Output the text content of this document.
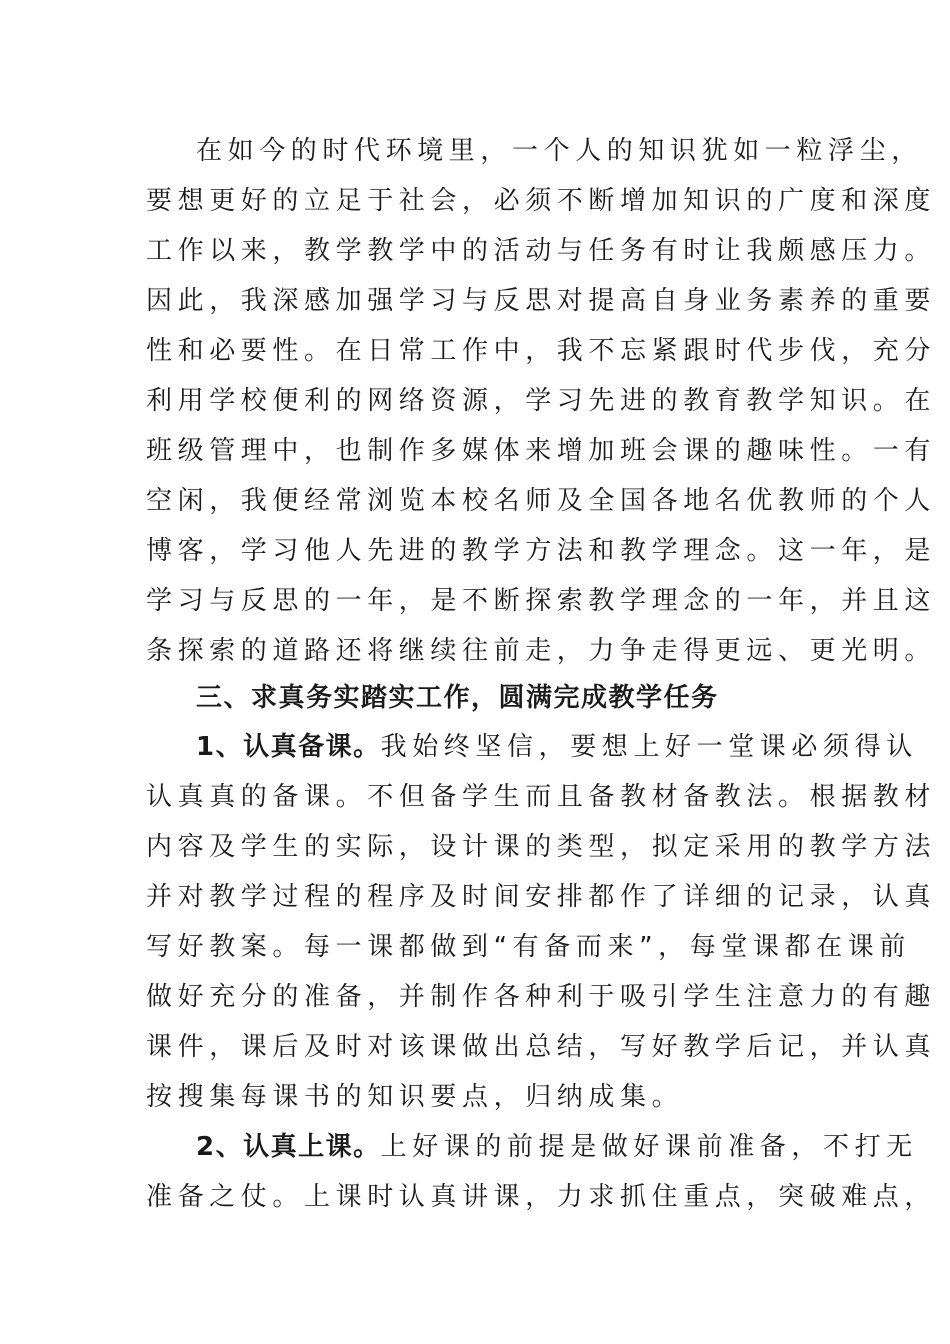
在如今的时代环境里，一个人的知识犹如一粒浮尘，
要想更好的立足于社会，必须不断增加知识的广度和深度
工作以来，教学教学中的活动与任务有时让我颇感压力。
因此，我深感加强学习与反思对提高自身业务素养的重要
性和必要性。在日常工作中，我不忘紧跟时代步伐，充分
利用学校便利的网络资源，学习先进的教育教学知识。在
班级管理中，也制作多媒体来增加班会课的趣味性。一有
空闲，我便经常浏览本校名师及全国各地名优教师的个人
博客，学习他人先进的教学方法和教学理念。这一年，是
学习与反思的一年，是不断探索教学理念的一年，并且这
条探索的道路还将继续往前走，力争走得更远、更光明。
三、求真务实踏实工作，圆满完成教学任务
1、认真备课。我始终坚信，要想上好一堂课必须得认
认真真的备课。不但备学生而且备教材备教法。根据教材
内容及学生的实际，设计课的类型，拟定采用的教学方法
并对教学过程的程序及时间安排都作了详细的记录，认真
写好教案。每一课都做到“有备而来”，每堂课都在课前
做好充分的准备，并制作各种利于吸引学生注意力的有趣
课件，课后及时对该课做出总结，写好教学后记，并认真
按搜集每课书的知识要点，归纳成集。
2、认真上课。上好课的前提是做好课前准备，不打无
准备之仗。上课时认真讲课，力求抓住重点，突破难点，
